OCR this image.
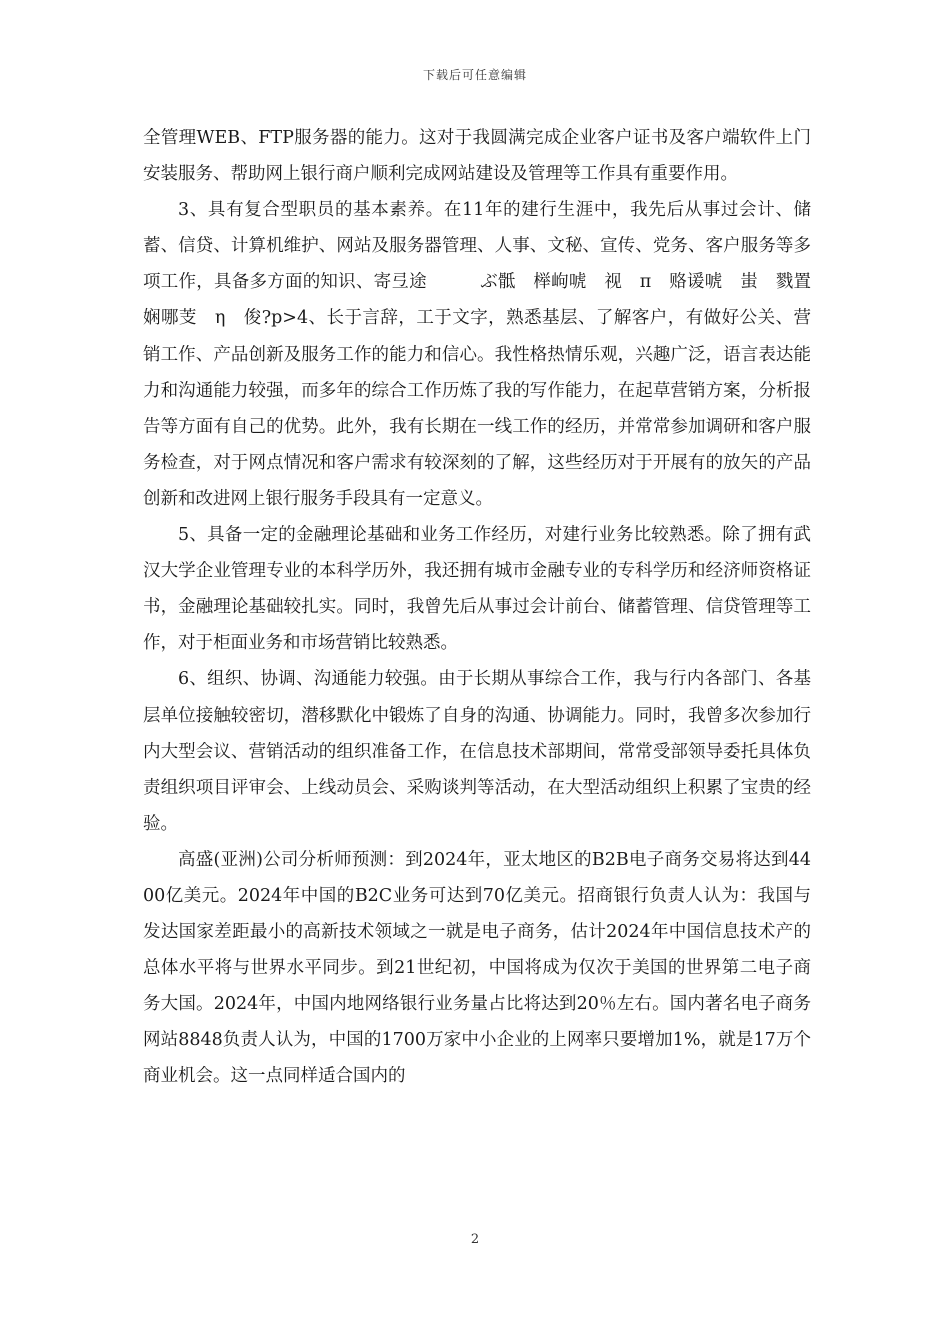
下载后可任意编辑

全管理WEB、FTP服务器的能力。这对于我圆满完成企业客户证书及客户端软件上门安装服务、帮助网上银行商户顺利完成网站建设及管理等工作具有重要作用。

3、具有复合型职员的基本素养。在11年的建行生涯中，我先后从事过会计、储蓄、信贷、计算机维护、网站及服务器管理、人事、文秘、宣传、党务、客户服务等多项工作，具备多方面的知识、寄弖途　　　ぶ骶　榉岣唬　视　π　赂谖唬　蚩　戮置娴哪芰　η　俊?p>4、长于言辞，工于文字，熟悉基层、了解客户，有做好公关、营销工作、产品创新及服务工作的能力和信心。我性格热情乐观，兴趣广泛，语言表达能力和沟通能力较强，而多年的综合工作历炼了我的写作能力，在起草营销方案，分析报告等方面有自己的优势。此外，我有长期在一线工作的经历，并常常参加调研和客户服务检查，对于网点情况和客户需求有较深刻的了解，这些经历对于开展有的放矢的产品创新和改进网上银行服务手段具有一定意义。

5、具备一定的金融理论基础和业务工作经历，对建行业务比较熟悉。除了拥有武汉大学企业管理专业的本科学历外，我还拥有城市金融专业的专科学历和经济师资格证书，金融理论基础较扎实。同时，我曾先后从事过会计前台、储蓄管理、信贷管理等工作，对于柜面业务和市场营销比较熟悉。

6、组织、协调、沟通能力较强。由于长期从事综合工作，我与行内各部门、各基层单位接触较密切，潜移默化中锻炼了自身的沟通、协调能力。同时，我曾多次参加行内大型会议、营销活动的组织准备工作，在信息技术部期间，常常受部领导委托具体负责组织项目评审会、上线动员会、采购谈判等活动，在大型活动组织上积累了宝贵的经验。

高盛(亚洲)公司分析师预测：到2024年，亚太地区的B2B电子商务交易将达到4400亿美元。2024年中国的B2C业务可达到70亿美元。招商银行负责人认为：我国与发达国家差距最小的高新技术领域之一就是电子商务，估计2024年中国信息技术产的总体水平将与世界水平同步。到21世纪初，中国将成为仅次于美国的世界第二电子商务大国。2024年，中国内地网络银行业务量占比将达到20％左右。国内著名电子商务网站8848负责人认为，中国的1700万家中小企业的上网率只要增加1%，就是17万个商业机会。这一点同样适合国内的

2
